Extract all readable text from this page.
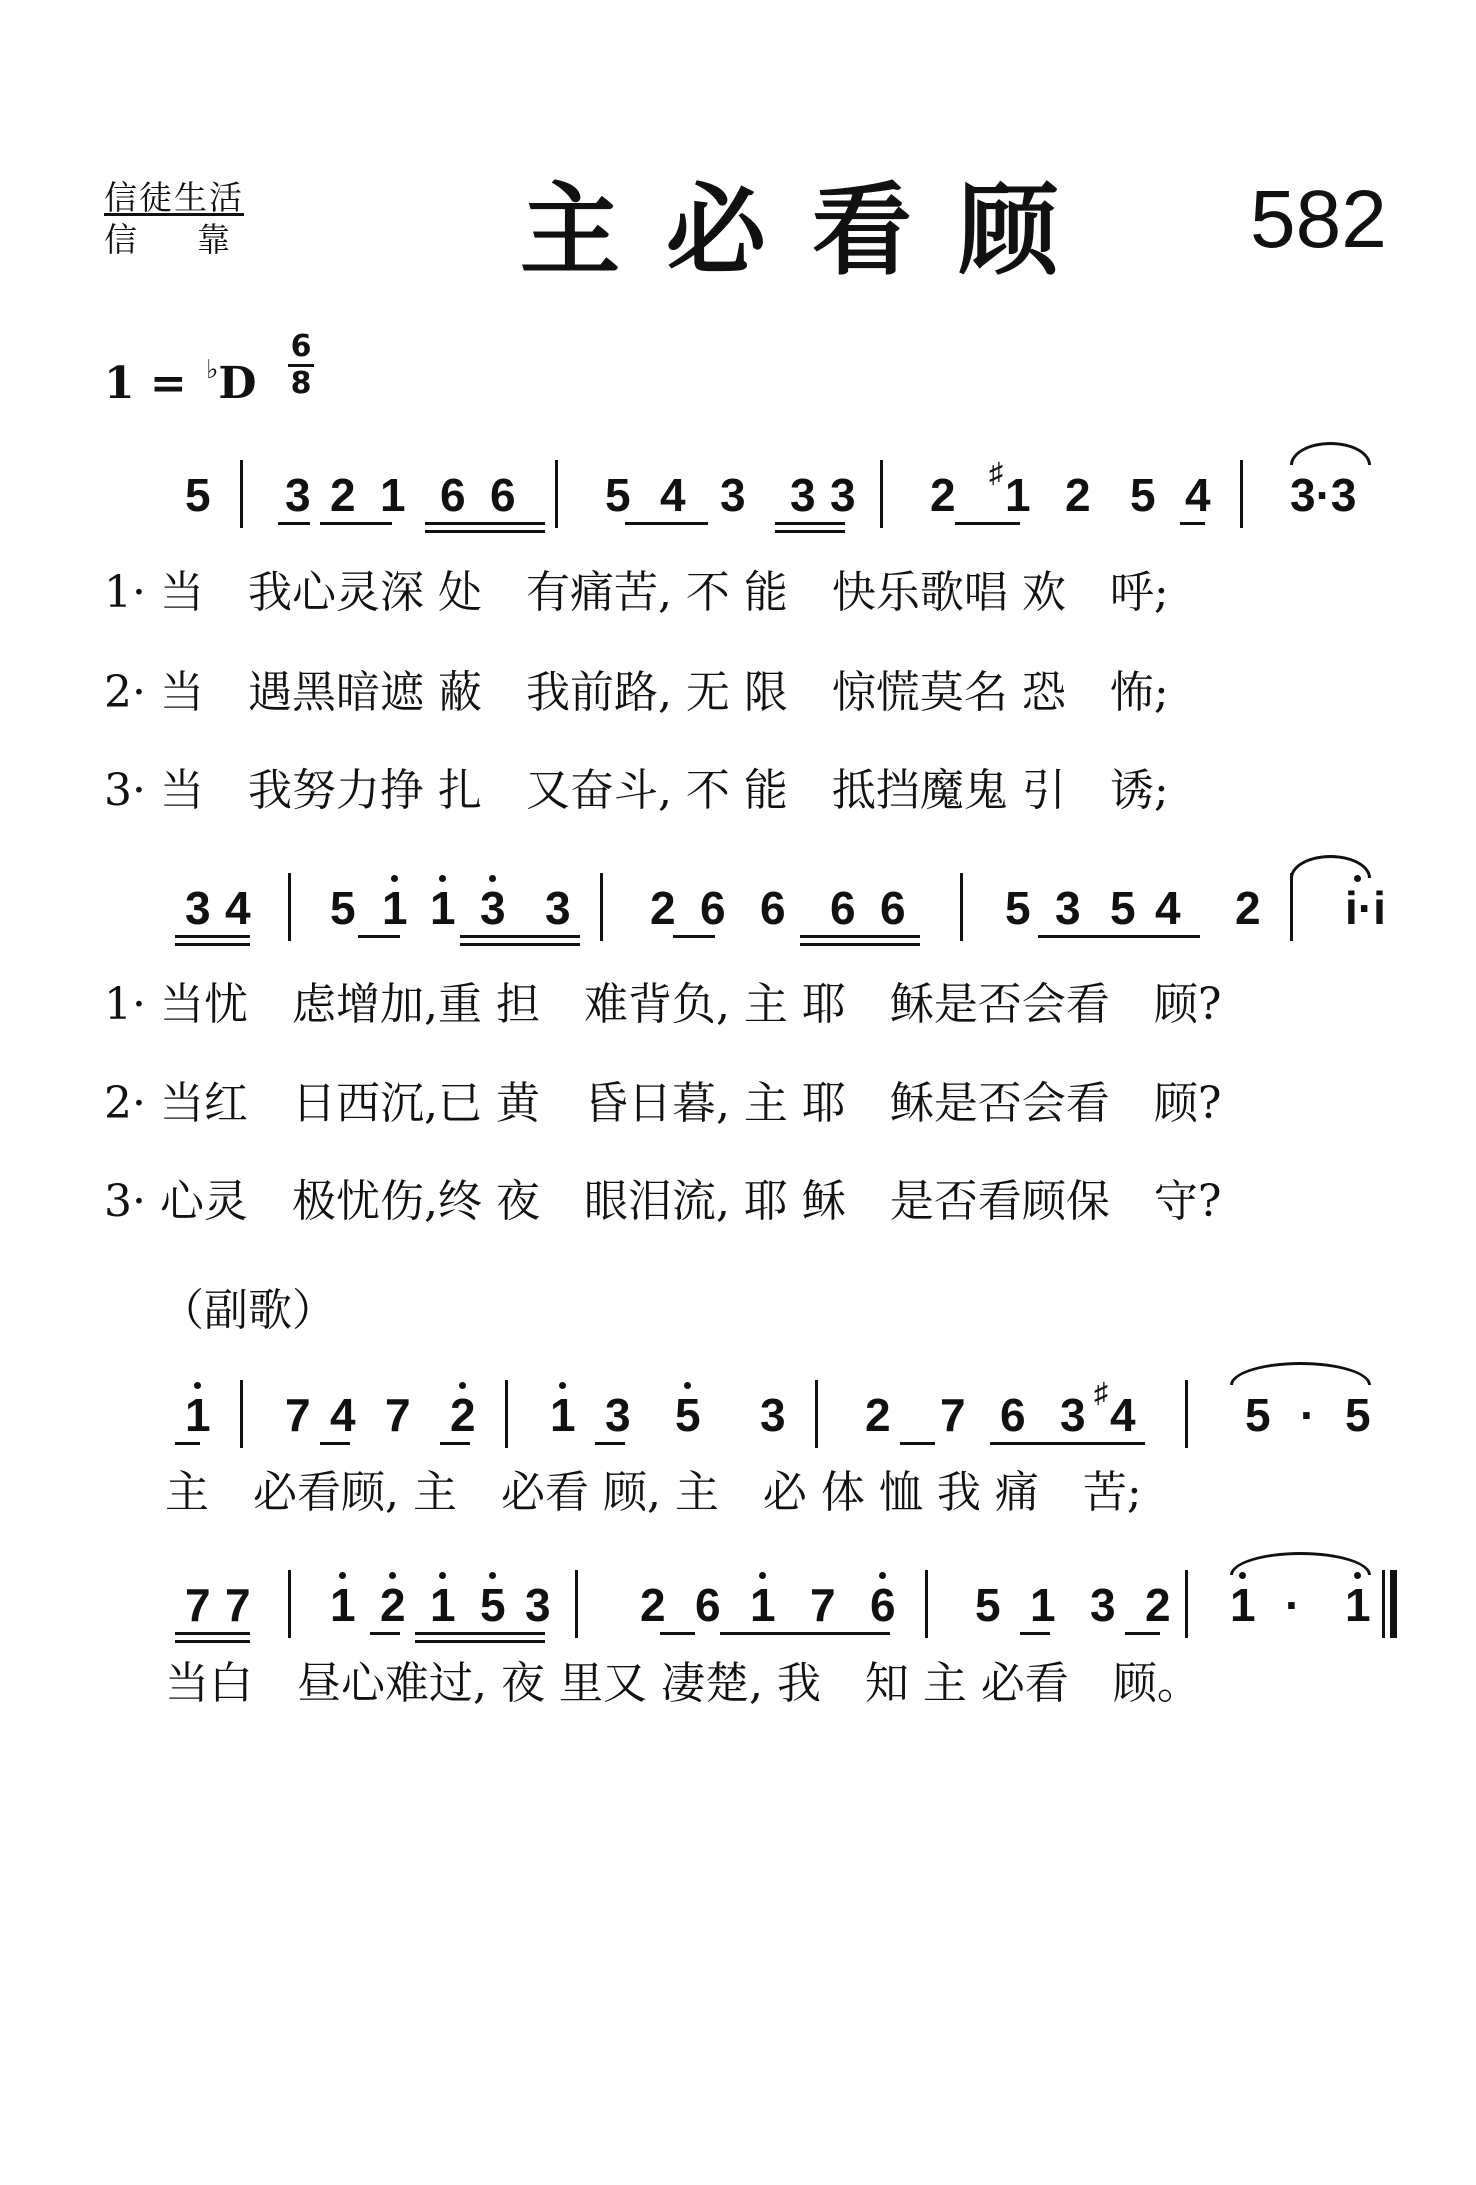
信徒生活
信 靠	主必看顾 582
1 = ♭D
6
8
5 3 2 1 6 6 5 4 3 3 3 2 1
♯ 2 5 4 3·3
3 4 5 1 1 3 3 2 6 6 6 6 5 3 5 4 2 i·i
1 7 4 7 2 1 3 5 3 2 7 6 3 4
♯	5 · 5
7 7 1 2 1 5 3 2 6 1 7 6 5 1 3 2 1 · 1
1· 当　我心灵深 处　有痛苦, 不 能　快乐歌唱 欢　呼;
2· 当　遇黑暗遮 蔽　我前路, 无 限　惊慌莫名 恐　怖;
3· 当　我努力挣 扎　又奋斗, 不 能　抵挡魔鬼 引　诱;
1· 当忧　虑增加,重 担　难背负, 主 耶　稣是否会看　顾?
2· 当红　日西沉,已 黄　昏日暮, 主 耶　稣是否会看　顾?
3· 心灵　极忧伤,终 夜　眼泪流, 耶 稣　是否看顾保　守?
（副歌）
主　必看顾, 主　必看 顾, 主　必 体 恤 我 痛　苦;
当白　昼心难过, 夜 里又 凄楚, 我　知 主 必看　顾。
